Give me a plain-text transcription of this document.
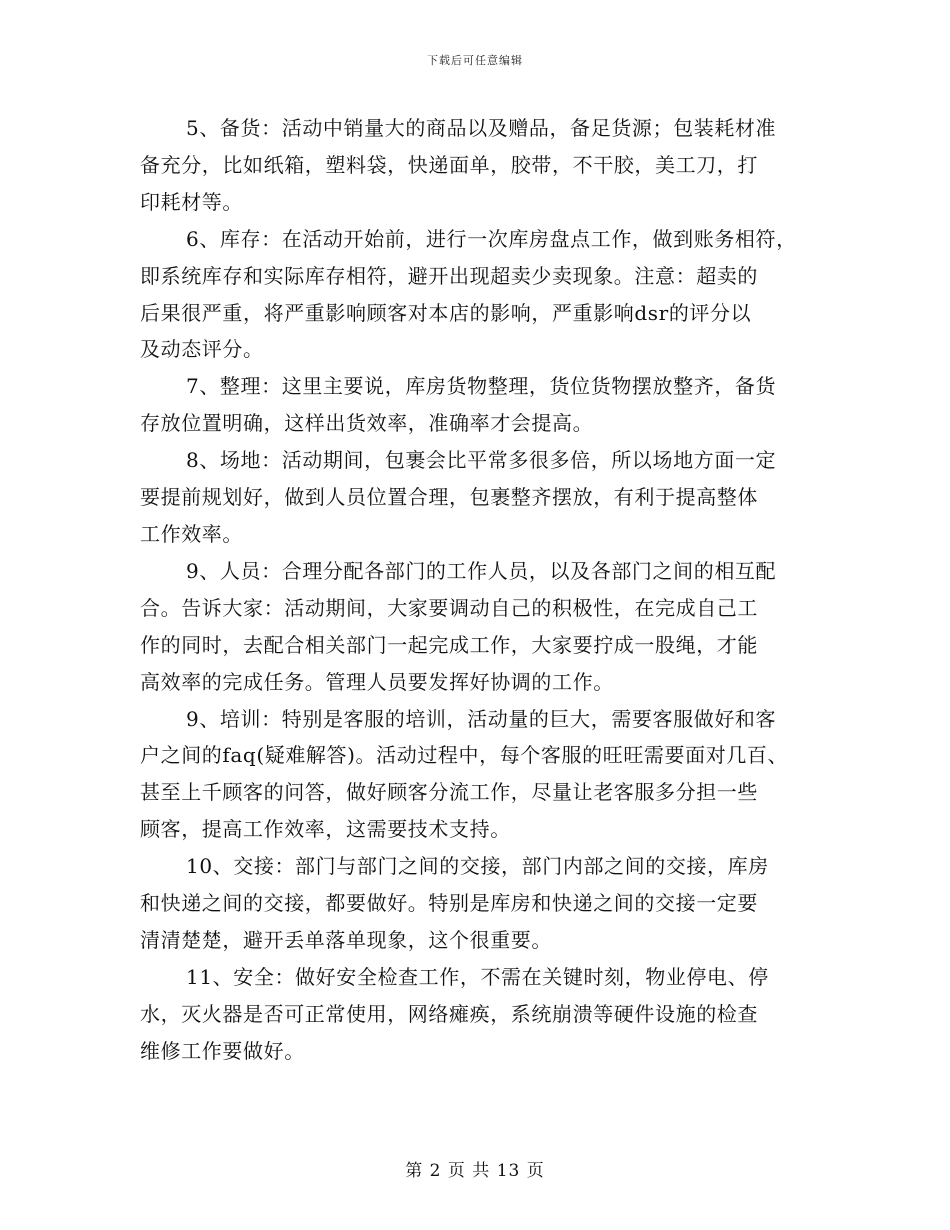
下载后可任意编辑

5、备货：活动中销量大的商品以及赠品，备足货源；包装耗材准
备充分，比如纸箱，塑料袋，快递面单，胶带，不干胶，美工刀，打
印耗材等。

6、库存：在活动开始前，进行一次库房盘点工作，做到账务相符，
即系统库存和实际库存相符，避开出现超卖少卖现象。注意：超卖的
后果很严重，将严重影响顾客对本店的影响，严重影响dsr的评分以
及动态评分。

7、整理：这里主要说，库房货物整理，货位货物摆放整齐，备货
存放位置明确，这样出货效率，准确率才会提高。

8、场地：活动期间，包裹会比平常多很多倍，所以场地方面一定
要提前规划好，做到人员位置合理，包裹整齐摆放，有利于提高整体
工作效率。

9、人员：合理分配各部门的工作人员，以及各部门之间的相互配
合。告诉大家：活动期间，大家要调动自己的积极性，在完成自己工
作的同时，去配合相关部门一起完成工作，大家要拧成一股绳，才能
高效率的完成任务。管理人员要发挥好协调的工作。

9、培训：特别是客服的培训，活动量的巨大，需要客服做好和客
户之间的faq(疑难解答)。活动过程中，每个客服的旺旺需要面对几百、
甚至上千顾客的问答，做好顾客分流工作，尽量让老客服多分担一些
顾客，提高工作效率，这需要技术支持。

10、交接：部门与部门之间的交接，部门内部之间的交接，库房
和快递之间的交接，都要做好。特别是库房和快递之间的交接一定要
清清楚楚，避开丢单落单现象，这个很重要。

11、安全：做好安全检查工作，不需在关键时刻，物业停电、停
水，灭火器是否可正常使用，网络瘫痪，系统崩溃等硬件设施的检查
维修工作要做好。

第 2 页 共 13 页
